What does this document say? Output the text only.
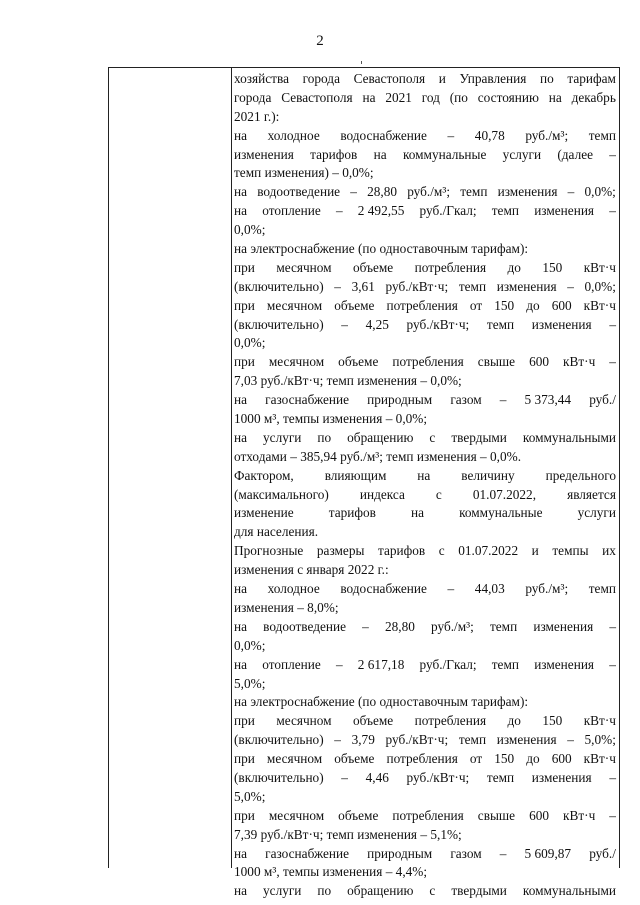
2
хозяйства города Севастополя и Управления по тарифам
города Севастополя на 2021 год (по состоянию на декабрь
2021 г.):
на холодное водоснабжение – 40,78 руб./м³; темп
изменения тарифов на коммунальные услуги (далее –
темп изменения) – 0,0%;
на водоотведение – 28,80 руб./м³; темп изменения – 0,0%;
на отопление – 2 492,55 руб./Гкал; темп изменения –
0,0%;
на электроснабжение (по одноставочным тарифам):
при месячном объеме потребления до 150 кВт·ч
(включительно) – 3,61 руб./кВт·ч; темп изменения – 0,0%;
при месячном объеме потребления от 150 до 600 кВт·ч
(включительно) – 4,25 руб./кВт·ч; темп изменения –
0,0%;
при месячном объеме потребления свыше 600 кВт·ч –
7,03 руб./кВт·ч; темп изменения – 0,0%;
на газоснабжение природным газом – 5 373,44 руб./
1000 м³, темпы изменения – 0,0%;
на услуги по обращению с твердыми коммунальными
отходами – 385,94 руб./м³; темп изменения – 0,0%.
Фактором, влияющим на величину предельного
(максимального) индекса с 01.07.2022, является
изменение	тарифов	на	коммунальные	услуги
для населения.
Прогнозные размеры тарифов с 01.07.2022 и темпы их
изменения с января 2022 г.:
на холодное водоснабжение – 44,03 руб./м³; темп
изменения – 8,0%;
на водоотведение – 28,80 руб./м³; темп изменения –
0,0%;
на отопление – 2 617,18 руб./Гкал; темп изменения –
5,0%;
на электроснабжение (по одноставочным тарифам):
при месячном объеме потребления до 150 кВт·ч
(включительно) – 3,79 руб./кВт·ч; темп изменения – 5,0%;
при месячном объеме потребления от 150 до 600 кВт·ч
(включительно) – 4,46 руб./кВт·ч; темп изменения –
5,0%;
при месячном объеме потребления свыше 600 кВт·ч –
7,39 руб./кВт·ч; темп изменения – 5,1%;
на газоснабжение природным газом – 5 609,87 руб./
1000 м³, темпы изменения – 4,4%;
на услуги по обращению с твердыми коммунальными
